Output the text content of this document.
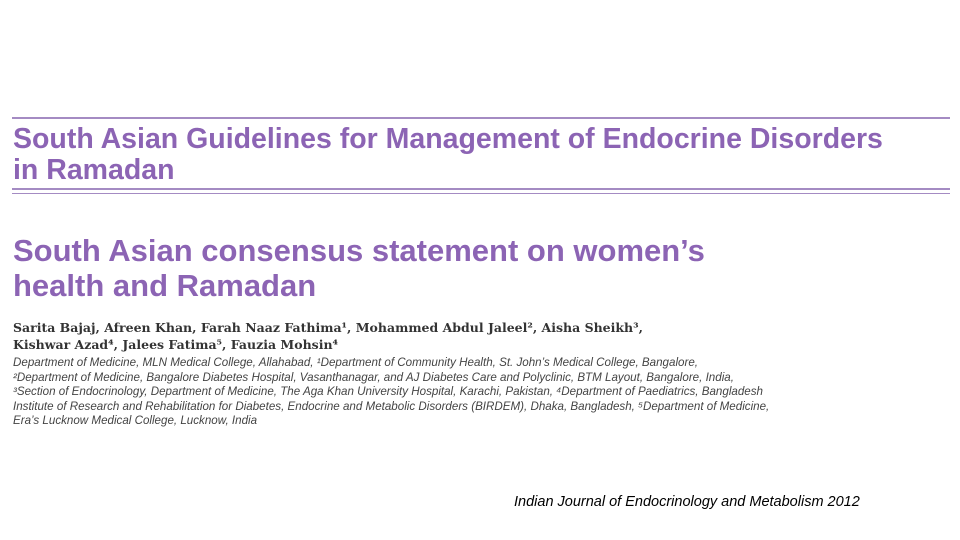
South Asian Guidelines for Management of Endocrine Disorders
in Ramadan
South Asian consensus statement on women’s
health and Ramadan

Sarita Bajaj, Afreen Khan, Farah Naaz Fathima¹, Mohammed Abdul Jaleel², Aisha Sheikh³,
Kishwar Azad⁴, Jalees Fatima⁵, Fauzia Mohsin⁴

Department of Medicine, MLN Medical College, Allahabad, ¹Department of Community Health, St. John’s Medical College, Bangalore,
²Department of Medicine, Bangalore Diabetes Hospital, Vasanthanagar, and AJ Diabetes Care and Polyclinic, BTM Layout, Bangalore, India,
³Section of Endocrinology, Department of Medicine, The Aga Khan University Hospital, Karachi, Pakistan, ⁴Department of Paediatrics, Bangladesh
Institute of Research and Rehabilitation for Diabetes, Endocrine and Metabolic Disorders (BIRDEM), Dhaka, Bangladesh, ⁵Department of Medicine,
Era’s Lucknow Medical College, Lucknow, India

Indian Journal of Endocrinology and Metabolism 2012
